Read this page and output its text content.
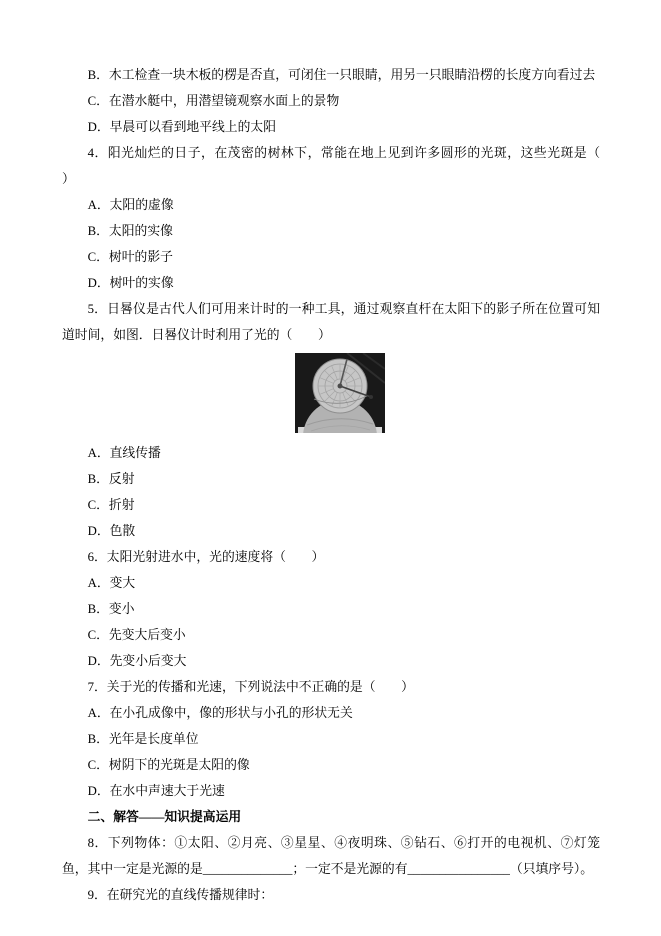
B．木工检查一块木板的楞是否直，可闭住一只眼睛，用另一只眼睛沿楞的长度方向看过去

C．在潜水艇中，用潜望镜观察水面上的景物

D．早晨可以看到地平线上的太阳

4．阳光灿烂的日子，在茂密的树林下，常能在地上见到许多圆形的光斑，这些光斑是（　　）

A．太阳的虚像

B．太阳的实像

C．树叶的影子

D．树叶的实像

5．日晷仪是古代人们可用来计时的一种工具，通过观察直杆在太阳下的影子所在位置可知道时间，如图．日晷仪计时利用了光的（　　）

A．直线传播

B．反射

C．折射

D．色散

6．太阳光射进水中，光的速度将（　　）

A．变大

B．变小

C．先变大后变小

D．先变小后变大

7．关于光的传播和光速，下列说法中不正确的是（　　）

A．在小孔成像中，像的形状与小孔的形状无关

B．光年是长度单位

C．树阴下的光斑是太阳的像

D．在水中声速大于光速

二、解答——知识提高运用

8．下列物体：①太阳、②月亮、③星星、④夜明珠、⑤钻石、⑥打开的电视机、⑦灯笼鱼，其中一定是光源的是______________；一定不是光源的有________________（只填序号）。

9．在研究光的直线传播规律时：
